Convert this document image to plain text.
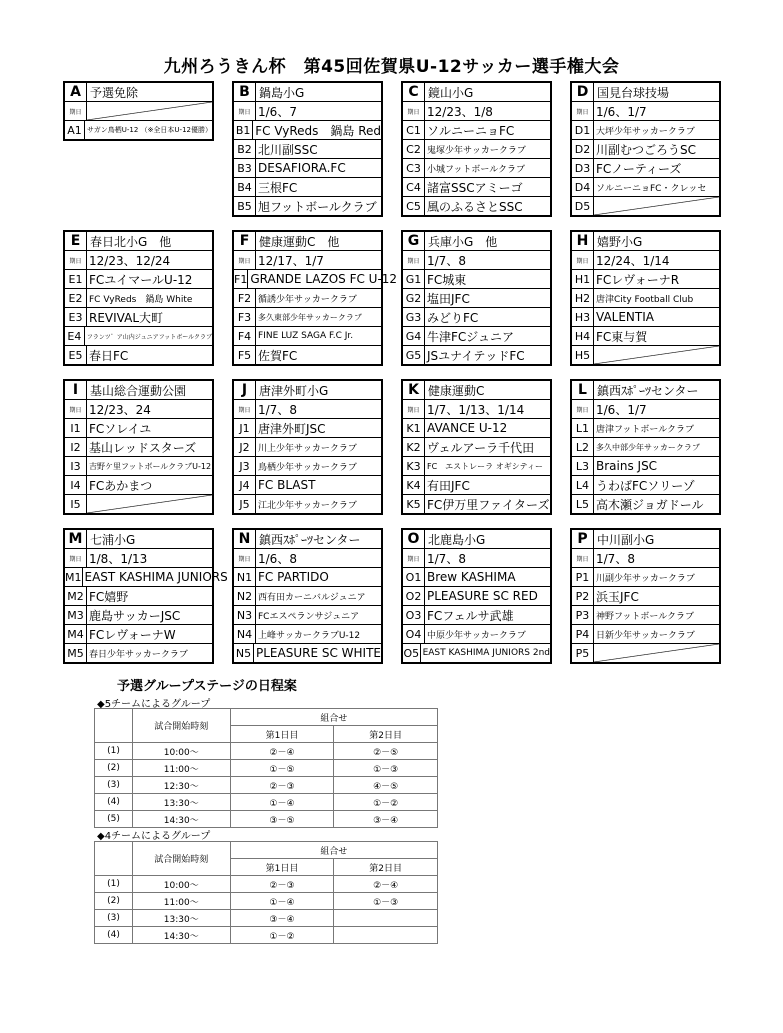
九州ろうきん杯　第45回佐賀県U-12サッカー選手権大会
A 予選免除
期日
A1 サガン鳥栖U-12 （※全日本U-12優勝）
B 鍋島小G
期日 1/6、7
B1 FC VyReds　鍋島 Red
B2 北川副SSC
B3 DESAFIORA.FC
B4 三根FC
B5 旭フットボールクラブ
C 鏡山小G
期日 12/23、1/8
C1 ソルニーニョFC
C2 鬼塚少年サッカークラブ
C3 小城フットボールクラブ
C4 諸富SSCアミーゴ
C5 風のふるさとSSC
D 国見台球技場
期日 1/6、1/7
D1 大坪少年サッカークラブ
D2 川副むつごろうSC
D3 FCノーティーズ
D4 ソルニーニョFC・クレッセ
D5
E 春日北小G　他
期日 12/23、12/24
E1 FCユイマールU-12
E2 FC VyReds　鍋島 White
E3 REVIVAL大町
E4 フランツ゛ア山内ジュニアフットボールクラブ
E5 春日FC
F 健康運動C　他
期日 12/17、1/7
F1 GRANDE LAZOS FC U-12
F2 循誘少年サッカークラブ
F3 多久東部少年サッカークラブ
F4 FINE LUZ SAGA F.C Jr.
F5 佐賀FC
G 兵庫小G　他
期日 1/7、8
G1 FC城東
G2 塩田JFC
G3 みどりFC
G4 牛津FCジュニア
G5 JSユナイテッドFC
H 嬉野小G
期日 12/24、1/14
H1 FCレヴォーナR
H2 唐津City Football Club
H3 VALENTIA
H4 FC東与賀
H5
I 基山総合運動公園
期日 12/23、24
I1 FCソレイユ
I2 基山レッドスターズ
I3	吉野ケ里フットボールクラブU-12
I4 FCあかまつ
I5
J 唐津外町小G
期日 1/7、8
J1 唐津外町JSC
J2 川上少年サッカークラブ
J3 鳥栖少年サッカークラブ
J4 FC BLAST
J5 江北少年サッカークラブ
K 健康運動C
期日 1/7、1/13、1/14
K1 AVANCE U-12
K2 ヴェルアーラ千代田
K3 FC　エストレーラ オギシティー
K4 有田JFC
K5 FC伊万里ファイターズ
L 鎮西ｽﾎﾟｰﾂセンター
期日 1/6、1/7
L1 唐津フットボールクラブ
L2 多久中部少年サッカークラブ
L3 Brains JSC
L4 うわばFCソリーゾ
L5 高木瀬ジョガドール
M 七浦小G
期日 1/8、1/13
M1 EAST KASHIMA JUNIORS
M2 FC嬉野
M3 鹿島サッカーJSC
M4 FCレヴォーナW
M5 春日少年サッカークラブ
N 鎮西ｽﾎﾟｰﾂセンター
期日 1/6、8
N1 FC PARTIDO
N2 西有田カーニバルジュニア
N3 FCエスペランサジュニア
N4 上峰サッカークラブU-12
N5 PLEASURE SC WHITE
O 北鹿島小G
期日 1/7、8
O1 Brew KASHIMA
O2 PLEASURE SC RED
O3 FCフェルサ武雄
O4 中原少年サッカークラブ
O5 EAST KASHIMA JUNIORS 2nd
P 中川副小G
期日 1/7、8
P1 川副少年サッカークラブ
P2 浜玉JFC
P3 神野フットボールクラブ
P4 日新少年サッカークラブ
P5
予選グループステージの日程案
◆5チームによるグループ
	試合開始時刻	組合せ	
		第1日目	第2日目
(1)	10:00～	②－④	②－⑤
(2)	11:00～	①－⑤	①－③
(3)	12:30～	②－③	④－⑤
(4)	13:30～	①－④	①－②
(5)	14:30～	③－⑤	③－④
◆4チームによるグループ
	試合開始時刻	組合せ	
		第1日目	第2日目
(1)	10:00～	②－③	②－④
(2)	11:00～	①－④	①－③
(3)	13:30～	③－④	
(4)	14:30～	①－②	
